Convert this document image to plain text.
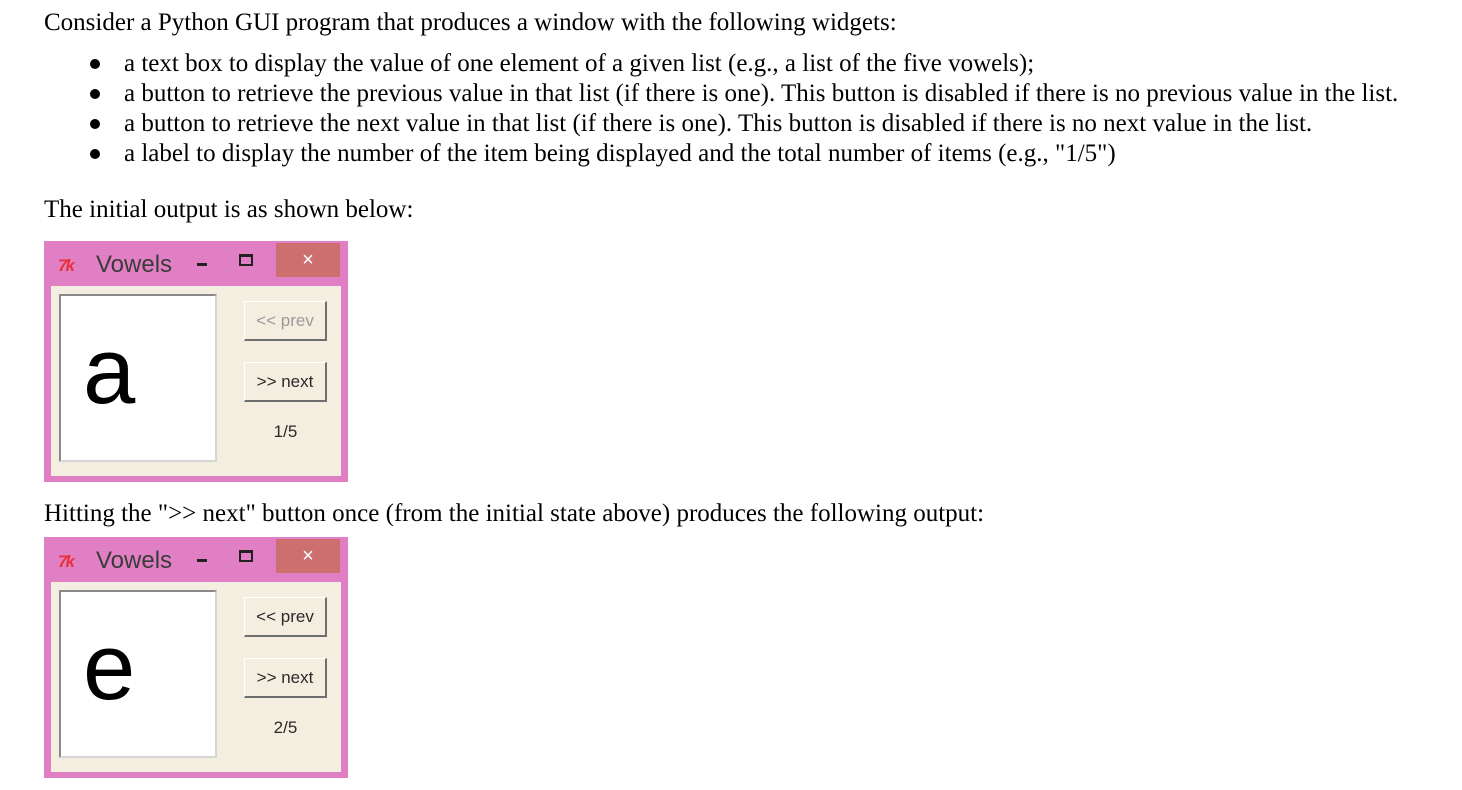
Consider a Python GUI program that produces a window with the following widgets:
a text box to display the value of one element of a given list (e.g., a list of the five vowels);
a button to retrieve the previous value in that list (if there is one). This button is disabled if there is no previous value in the list.
a button to retrieve the next value in that list (if there is one). This button is disabled if there is no next value in the list.
a label to display the number of the item being displayed and the total number of items (e.g., "1/5")
The initial output is as shown below:
7k Vowels	×
a	<< prev
>> next
1/5
Hitting the ">> next" button once (from the initial state above) produces the following output:
7k Vowels	×
e	<< prev
>> next
2/5
